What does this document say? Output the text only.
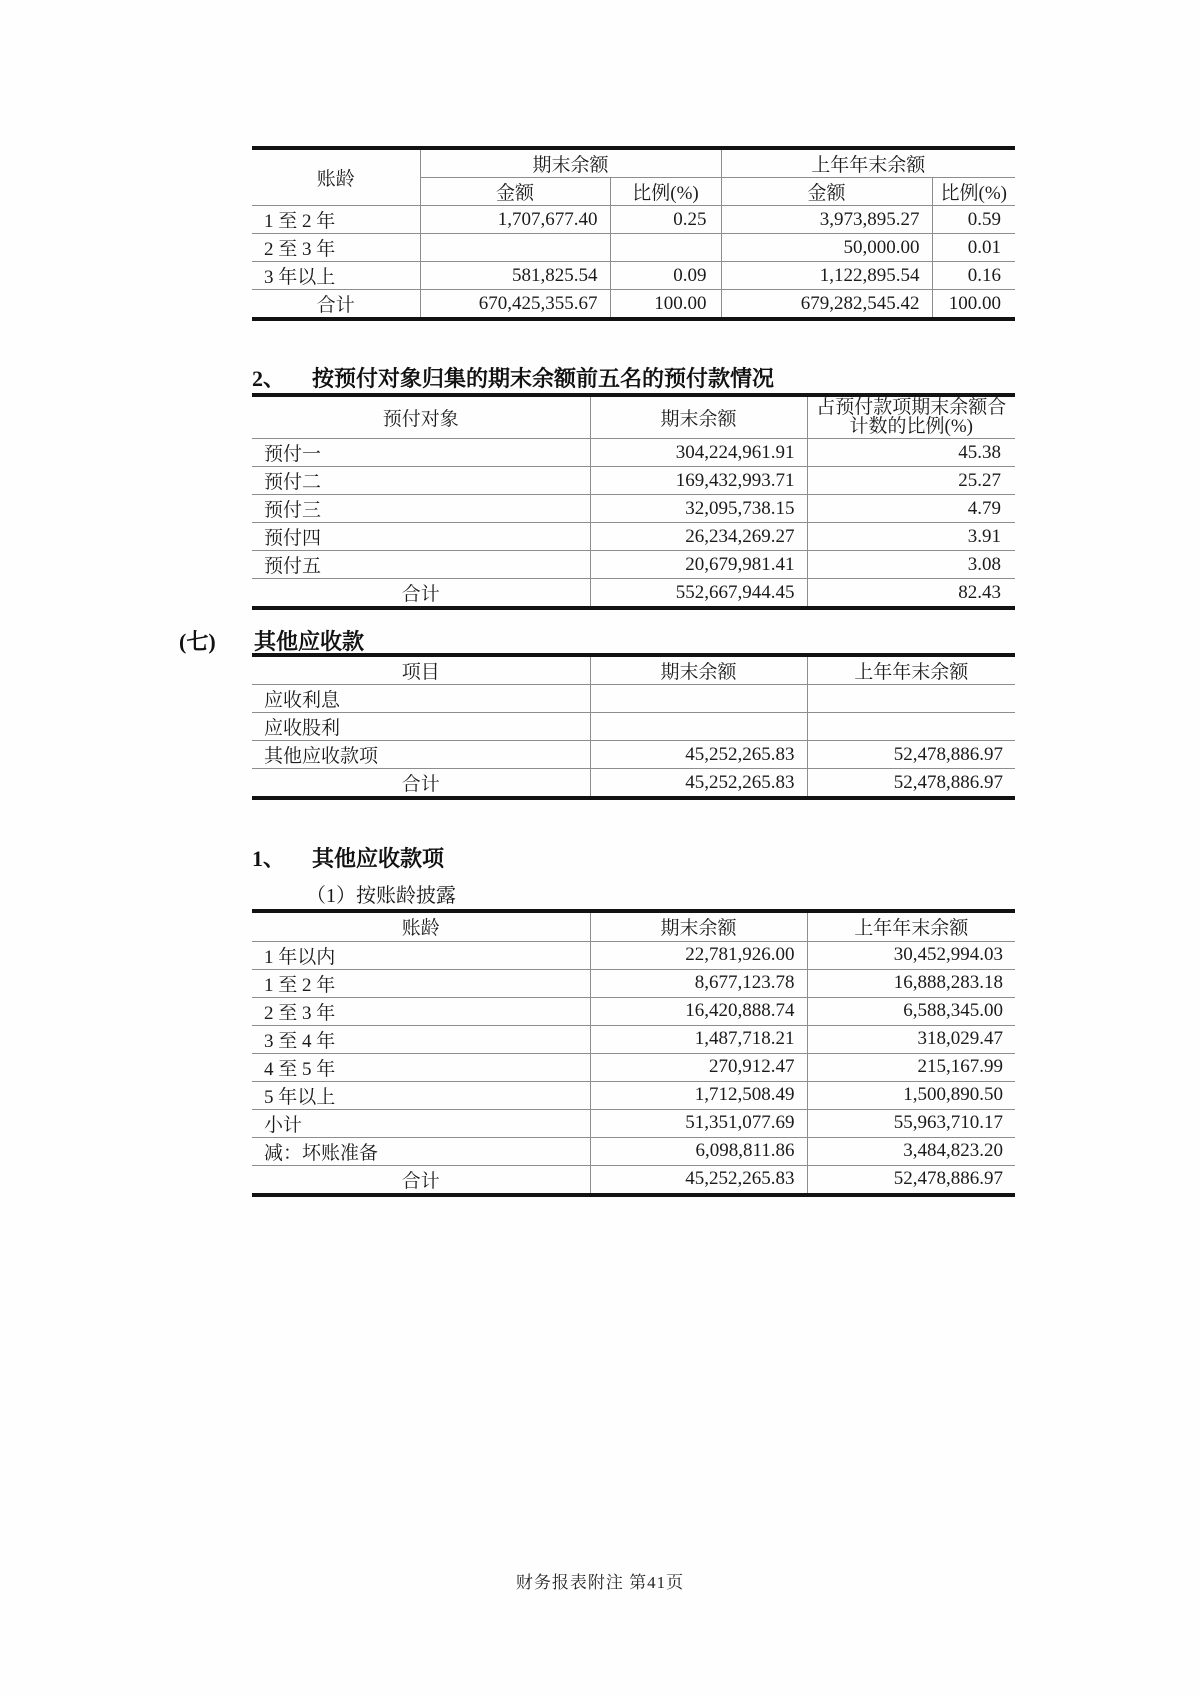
账龄	期末余额		上年年末余额	
	金额	比例(%)	金额	比例(%)
1 至 2 年	1,707,677.40	0.25	3,973,895.27	0.59
2 至 3 年			50,000.00	0.01
3 年以上	581,825.54	0.09	1,122,895.54	0.16
合计	670,425,355.67	100.00	679,282,545.42	100.00
2、	按预付对象归集的期末余额前五名的预付款情况
预付对象	期末余额	占预付款项期末余额合
计数的比例(%)
预付一	304,224,961.91	45.38
预付二	169,432,993.71	25.27
预付三	32,095,738.15	4.79
预付四	26,234,269.27	3.91
预付五	20,679,981.41	3.08
合计	552,667,944.45	82.43
(七)	其他应收款
项目	期末余额	上年年末余额
应收利息		
应收股利		
其他应收款项	45,252,265.83	52,478,886.97
合计	45,252,265.83	52,478,886.97
1、	其他应收款项
（1）按账龄披露
账龄	期末余额	上年年末余额
1 年以内	22,781,926.00	30,452,994.03
1 至 2 年	8,677,123.78	16,888,283.18
2 至 3 年	16,420,888.74	6,588,345.00
3 至 4 年	1,487,718.21	318,029.47
4 至 5 年	270,912.47	215,167.99
5 年以上	1,712,508.49	1,500,890.50
小计	51,351,077.69	55,963,710.17
减：坏账准备	6,098,811.86	3,484,823.20
合计	45,252,265.83	52,478,886.97
财务报表附注 第41页
